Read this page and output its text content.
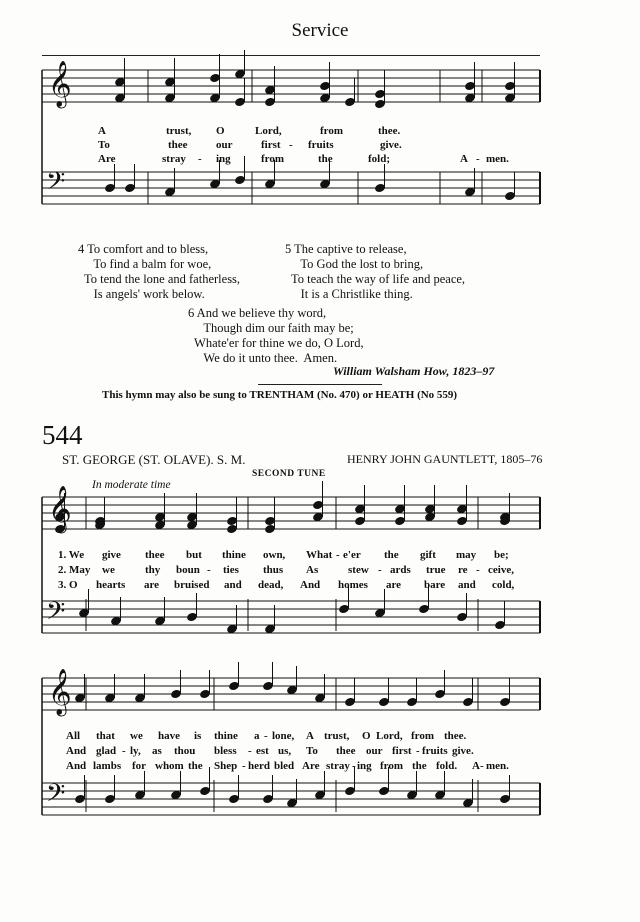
Service
𝄞
𝄞
𝄞
𝄢
𝄢
𝄢
A	trust, O	Lord,	from	thee.
To	thee	our	first - fruits	give.
Are	stray - ing	from	the	fold;	A - men.
4 To comfort and to bless,
To find a balm for woe,
To tend the lone and fatherless,
Is angels' work below.
5 The captive to release,
To God the lost to bring,
To teach the way of life and peace,
It is a Christlike thing.
6 And we believe thy word,
Though dim our faith may be;
Whate'er for thine we do, O Lord,
We do it unto thee.  Amen.
William Walsham How, 1823–97
This hymn may also be sung to TRENTHAM (No. 470) or HEATH (No 559)
544
ST. GEORGE (ST. OLAVE). S. M.	HENRY JOHN GAUNTLETT, 1805–76
SECOND TUNE
In moderate time
1. We give thee but thine own, What - e'er the gift may be;
2. May we	thy boun - ties thus As	stew - ards true re - ceive,
3. O hearts are bruised and dead, And homes are bare and cold,
All that we have is thine a - lone, A trust, O Lord, from thee.
And glad - ly, as thou bless - est us, To thee our first - fruits give.
And lambs for whom the Shep - herd bled Are stray - ing from the fold. A - men.
